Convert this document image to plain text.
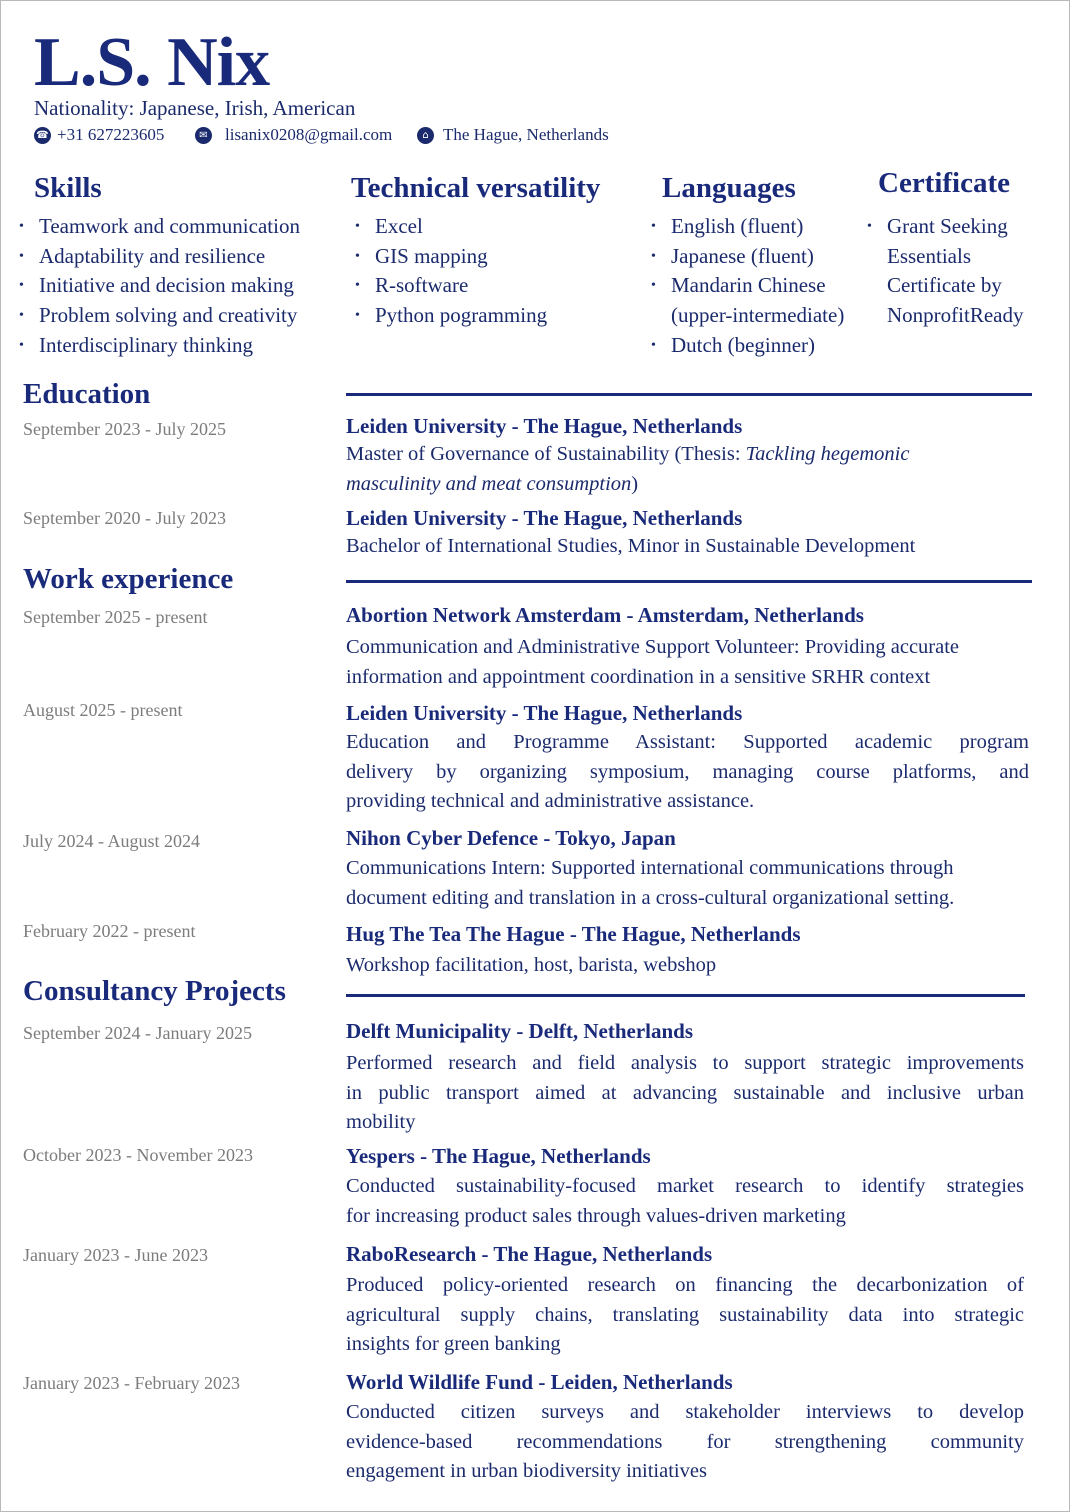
L.S. Nix
Nationality: Japanese, Irish, American
☎ +31 627223605	✉ lisanix0208@gmail.com	⌂ The Hague, Netherlands
Skills
• Teamwork and communication
• Adaptability and resilience
• Initiative and decision making
• Problem solving and creativity
• Interdisciplinary thinking
Technical versatility
• Excel
• GIS mapping
• R-software
• Python pogramming
Languages
• English (fluent)
• Japanese (fluent)
• Mandarin Chinese
(upper-intermediate)
• Dutch (beginner)
Certificate
• Grant Seeking
Essentials
Certificate by
NonprofitReady
Education
September 2023 - July 2025	Leiden University - The Hague, Netherlands
Master of Governance of Sustainability (Thesis: Tackling hegemonic
masculinity and meat consumption)
September 2020 - July 2023	Leiden University - The Hague, Netherlands
Bachelor of International Studies, Minor in Sustainable Development
Work experience
September 2025 - present	Abortion Network Amsterdam - Amsterdam, Netherlands
Communication and Administrative Support Volunteer: Providing accurate
information and appointment coordination in a sensitive SRHR context
August 2025 - present	Leiden University - The Hague, Netherlands
Education and Programme Assistant: Supported academic program
delivery by organizing symposium, managing course platforms, and
providing technical and administrative assistance.
July 2024 - August 2024	Nihon Cyber Defence - Tokyo, Japan
Communications Intern: Supported international communications through
document editing and translation in a cross-cultural organizational setting.
February 2022 - present	Hug The Tea The Hague - The Hague, Netherlands
Workshop facilitation, host, barista, webshop
Consultancy Projects
September 2024 - January 2025	Delft Municipality - Delft, Netherlands
Performed research and field analysis to support strategic improvements
in public transport aimed at advancing sustainable and inclusive urban
mobility
October 2023 - November 2023	Yespers - The Hague, Netherlands
Conducted sustainability-focused market research to identify strategies
for increasing product sales through values-driven marketing
January 2023 - June 2023	RaboResearch - The Hague, Netherlands
Produced policy-oriented research on financing the decarbonization of
agricultural supply chains, translating sustainability data into strategic
insights for green banking
January 2023 - February 2023	World Wildlife Fund - Leiden, Netherlands
Conducted citizen surveys and stakeholder interviews to develop
evidence-based recommendations for strengthening community
engagement in urban biodiversity initiatives
